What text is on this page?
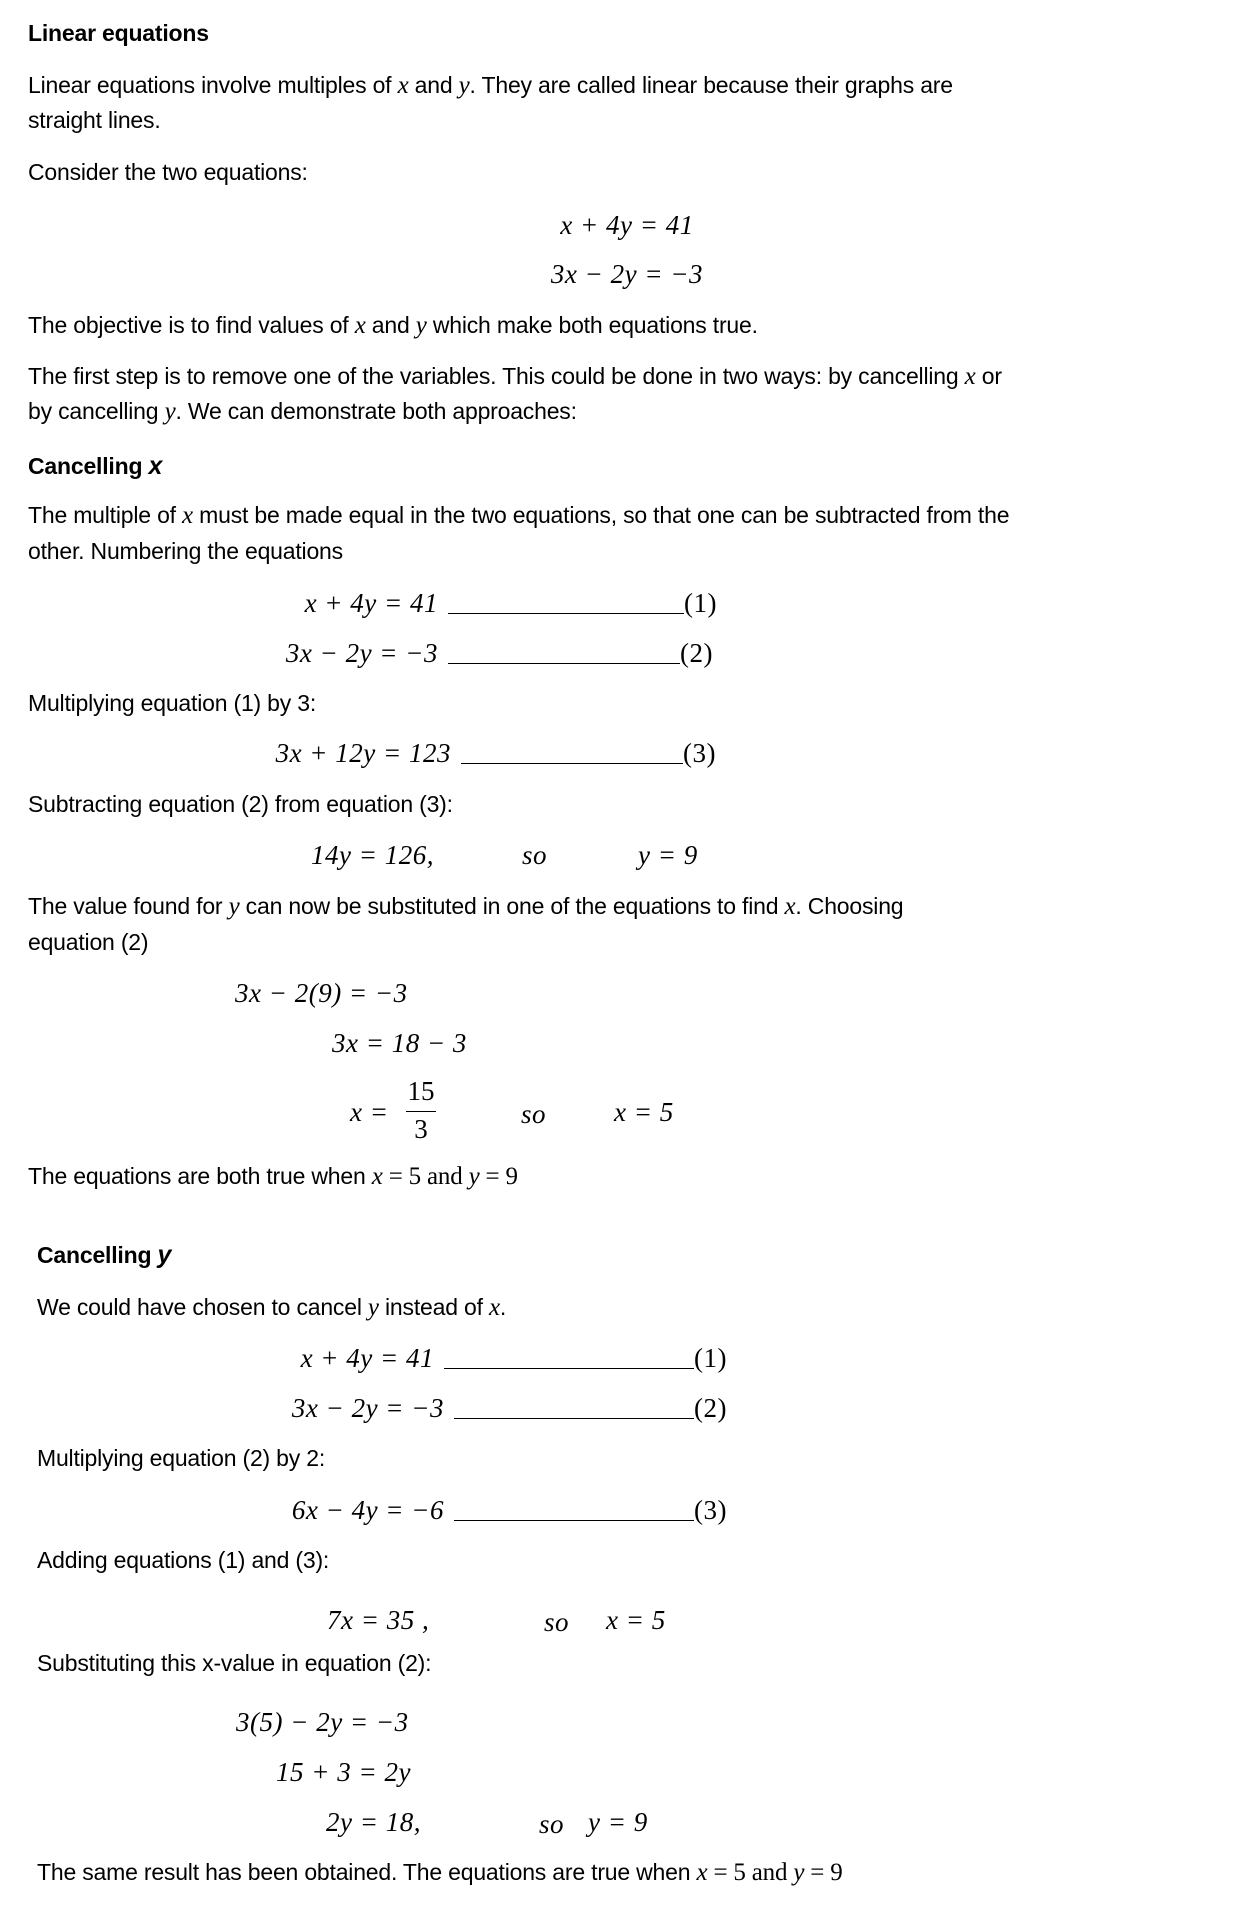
Linear equations
Linear equations involve multiples of x and y. They are called linear because their graphs are
straight lines.
Consider the two equations:
x + 4y = 41
3x − 2y = −3
The objective is to find values of x and y which make both equations true.
The first step is to remove one of the variables. This could be done in two ways: by cancelling x or
by cancelling y. We can demonstrate both approaches:
Cancelling x
The multiple of x must be made equal in the two equations, so that one can be subtracted from the
other. Numbering the equations
x + 4y = 41	(1)
3x − 2y = −3	(2)
Multiplying equation (1) by 3:
3x + 12y = 123	(3)
Subtracting equation (2) from equation (3):
14y = 126,	so	y = 9
The value found for y can now be substituted in one of the equations to find x. Choosing
equation (2)
3x − 2(9) = −3
3x = 18 − 3
x =
15
3	so	x = 5
The equations are both true when x = 5 and y = 9
Cancelling y
We could have chosen to cancel y instead of x.
x + 4y = 41	(1)
3x − 2y = −3	(2)
Multiplying equation (2) by 2:
6x − 4y = −6	(3)
Adding equations (1) and (3):
7x = 35 ,	so x = 5
Substituting this x-value in equation (2):
3(5) − 2y = −3
15 + 3 = 2y
2y = 18,	so y = 9
The same result has been obtained. The equations are true when x = 5 and y = 9
